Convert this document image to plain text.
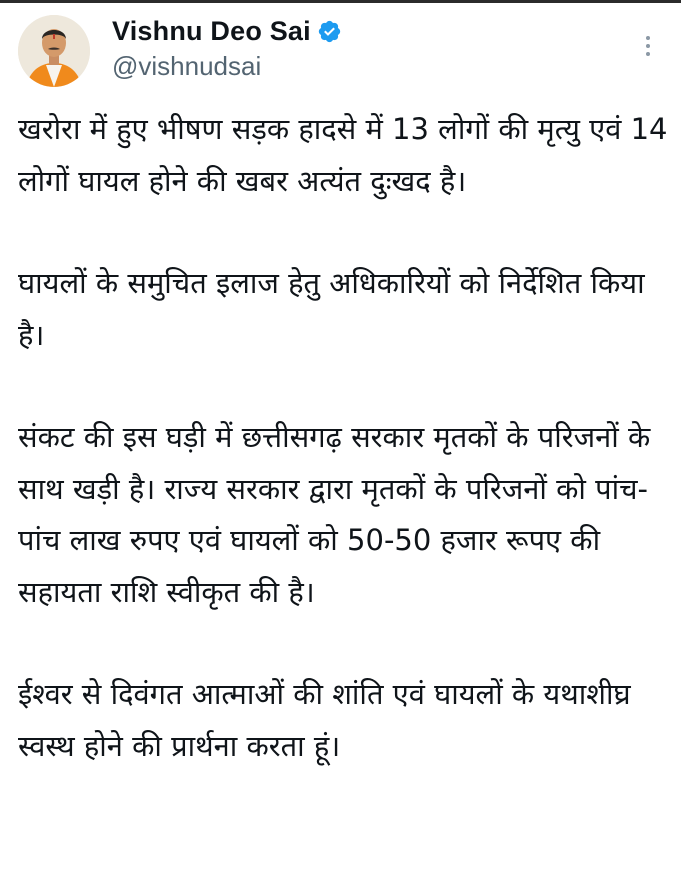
Vishnu Deo Sai
@vishnudsai

खरोरा में हुए भीषण सड़क हादसे में 13 लोगों की मृत्यु एवं 14 लोगों घायल होने की खबर अत्यंत दुःखद है।

घायलों के समुचित इलाज हेतु अधिकारियों को निर्देशित किया है।

संकट की इस घड़ी में छत्तीसगढ़ सरकार मृतकों के परिजनों के साथ खड़ी है। राज्य सरकार द्वारा मृतकों के परिजनों को पांच-पांच लाख रुपए एवं घायलों को 50-50 हजार रूपए की सहायता राशि स्वीकृत की है।

ईश्वर से दिवंगत आत्माओं की शांति एवं घायलों के यथाशीघ्र स्वस्थ होने की प्रार्थना करता हूं।
